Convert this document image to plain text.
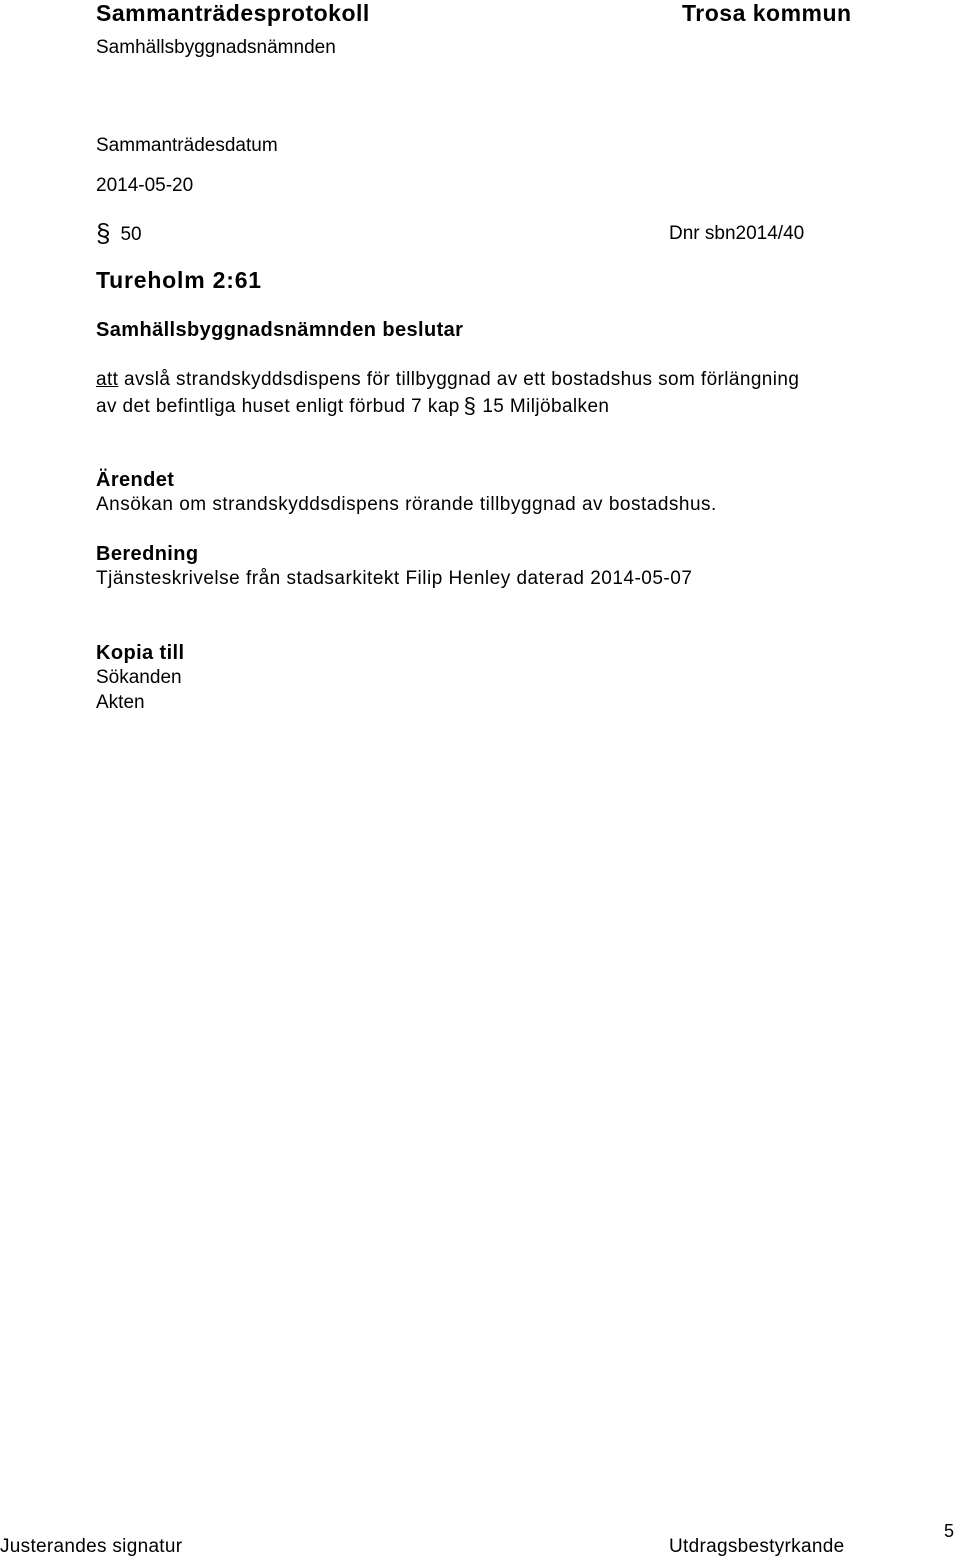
Sammanträdesprotokoll
Samhällsbyggnadsnämnden
Trosa kommun
Sammanträdesdatum
2014-05-20
§ 50	Dnr sbn2014/40
Tureholm 2:61
Samhällsbyggnadsnämnden beslutar
att avslå strandskyddsdispens för tillbyggnad av ett bostadshus som förlängning
av det befintliga huset enligt förbud 7 kap § 15 Miljöbalken
Ärendet
Ansökan om strandskyddsdispens rörande tillbyggnad av bostadshus.
Beredning
Tjänsteskrivelse från stadsarkitekt Filip Henley daterad 2014-05-07
Kopia till
Sökanden
Akten
Justerandes signatur	Utdragsbestyrkande
5
